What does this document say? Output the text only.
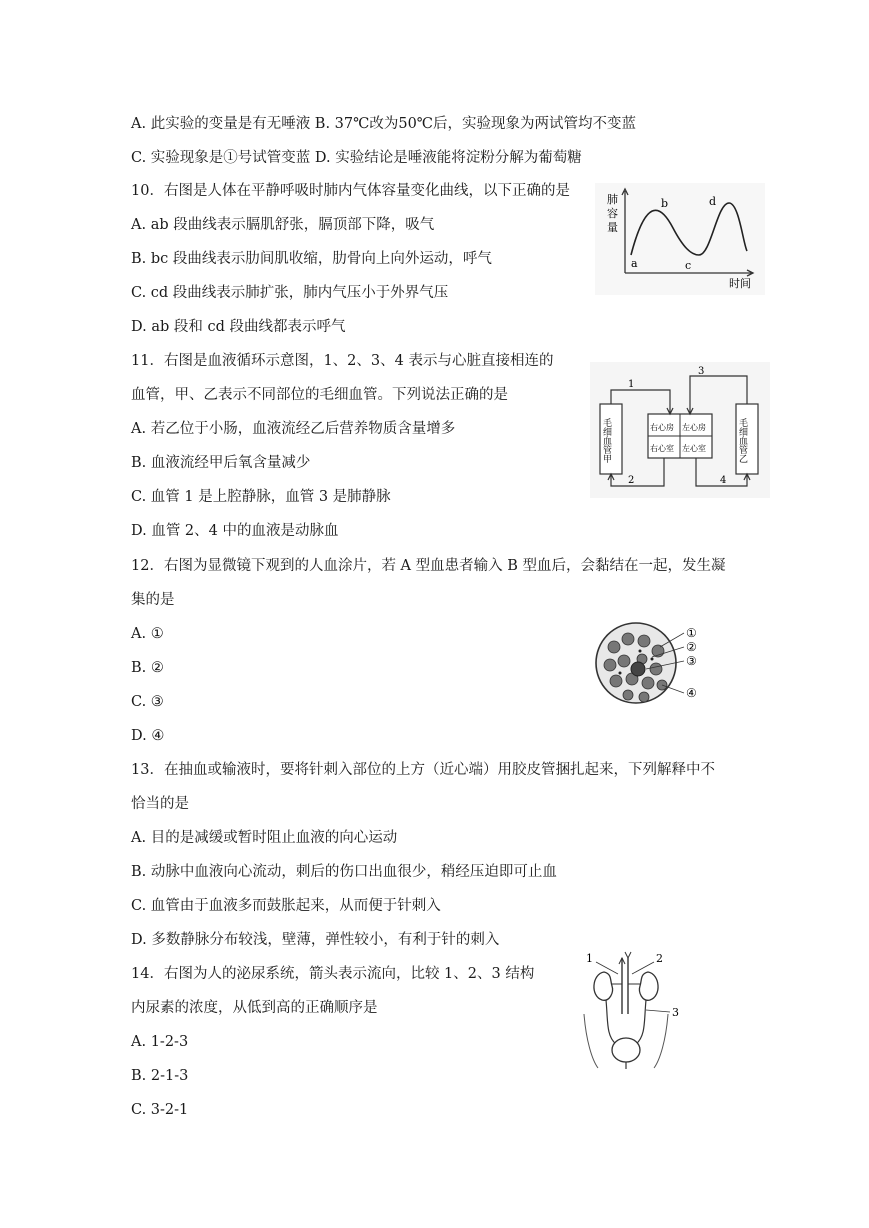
A. 此实验的变量是有无唾液 B. 37℃改为50℃后，实验现象为两试管均不变蓝
C. 实验现象是①号试管变蓝 D. 实验结论是唾液能将淀粉分解为葡萄糖
10．右图是人体在平静呼吸时肺内气体容量变化曲线，以下正确的是
A. ab 段曲线表示膈肌舒张，膈顶部下降，吸气
B. bc 段曲线表示肋间肌收缩，肋骨向上向外运动，呼气
C. cd 段曲线表示肺扩张，肺内气压小于外界气压
D. ab 段和 cd 段曲线都表示呼气
11．右图是血液循环示意图，1、2、3、4 表示与心脏直接相连的
血管，甲、乙表示不同部位的毛细血管。下列说法正确的是
A. 若乙位于小肠，血液流经乙后营养物质含量增多
B. 血液流经甲后氧含量减少
C. 血管 1 是上腔静脉，血管 3 是肺静脉
D. 血管 2、4 中的血液是动脉血
12．右图为显微镜下观到的人血涂片，若 A 型血患者输入 B 型血后，会黏结在一起，发生凝
集的是
A. ①
B. ②
C. ③
D. ④
13．在抽血或输液时，要将针刺入部位的上方（近心端）用胶皮管捆扎起来，下列解释中不
恰当的是
A. 目的是减缓或暂时阻止血液的向心运动
B. 动脉中血液向心流动，刺后的伤口出血很少，稍经压迫即可止血
C. 血管由于血液多而鼓胀起来，从而便于针刺入
D. 多数静脉分布较浅，壁薄，弹性较小，有利于针的刺入
14．右图为人的泌尿系统，箭头表示流向，比较 1、2、3 结构
内尿素的浓度，从低到高的正确顺序是
A. 1-2-3
B. 2-1-3
C. 3-2-1
肺
容
量
时间
a
b
c
d
右心房 左心房
右心室 左心室
毛细血管甲	毛细血管乙
1
3
2	4
①
②
③
④
1	2
3
